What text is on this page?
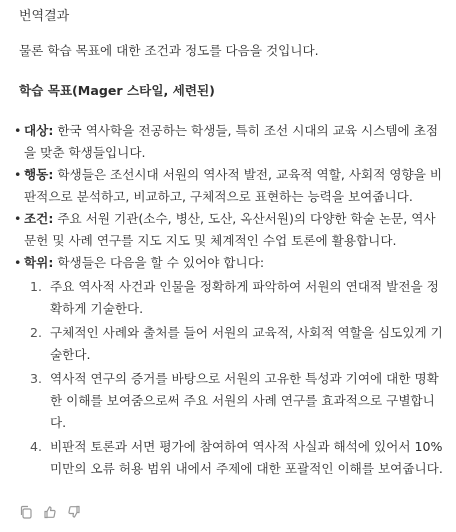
번역결과
물론 학습 목표에 대한 조건과 정도를 다음을 것입니다.
학습 목표(Mager 스타일, 세련된)
• 대상: 한국 역사학을 전공하는 학생들, 특히 조선 시대의 교육 시스템에 초점을 맞춘 학생들입니다.
• 행동: 학생들은 조선시대 서원의 역사적 발전, 교육적 역할, 사회적 영향을 비판적으로 분석하고, 비교하고, 구체적으로 표현하는 능력을 보여줍니다.
• 조건: 주요 서원 기관(소수, 병산, 도산, 옥산서원)의 다양한 학술 논문, 역사 문헌 및 사례 연구를 지도 지도 및 체계적인 수업 토론에 활용합니다.
• 학위: 학생들은 다음을 할 수 있어야 합니다:
1. 주요 역사적 사건과 인물을 정확하게 파악하여 서원의 연대적 발전을 정확하게 기술한다.
2. 구체적인 사례와 출처를 들어 서원의 교육적, 사회적 역할을 심도있게 기술한다.
3. 역사적 연구의 증거를 바탕으로 서원의 고유한 특성과 기여에 대한 명확한 이해를 보여줌으로써 주요 서원의 사례 연구를 효과적으로 구별합니다.
4. 비판적 토론과 서면 평가에 참여하여 역사적 사실과 해석에 있어서 10% 미만의 오류 허용 범위 내에서 주제에 대한 포괄적인 이해를 보여줍니다.
